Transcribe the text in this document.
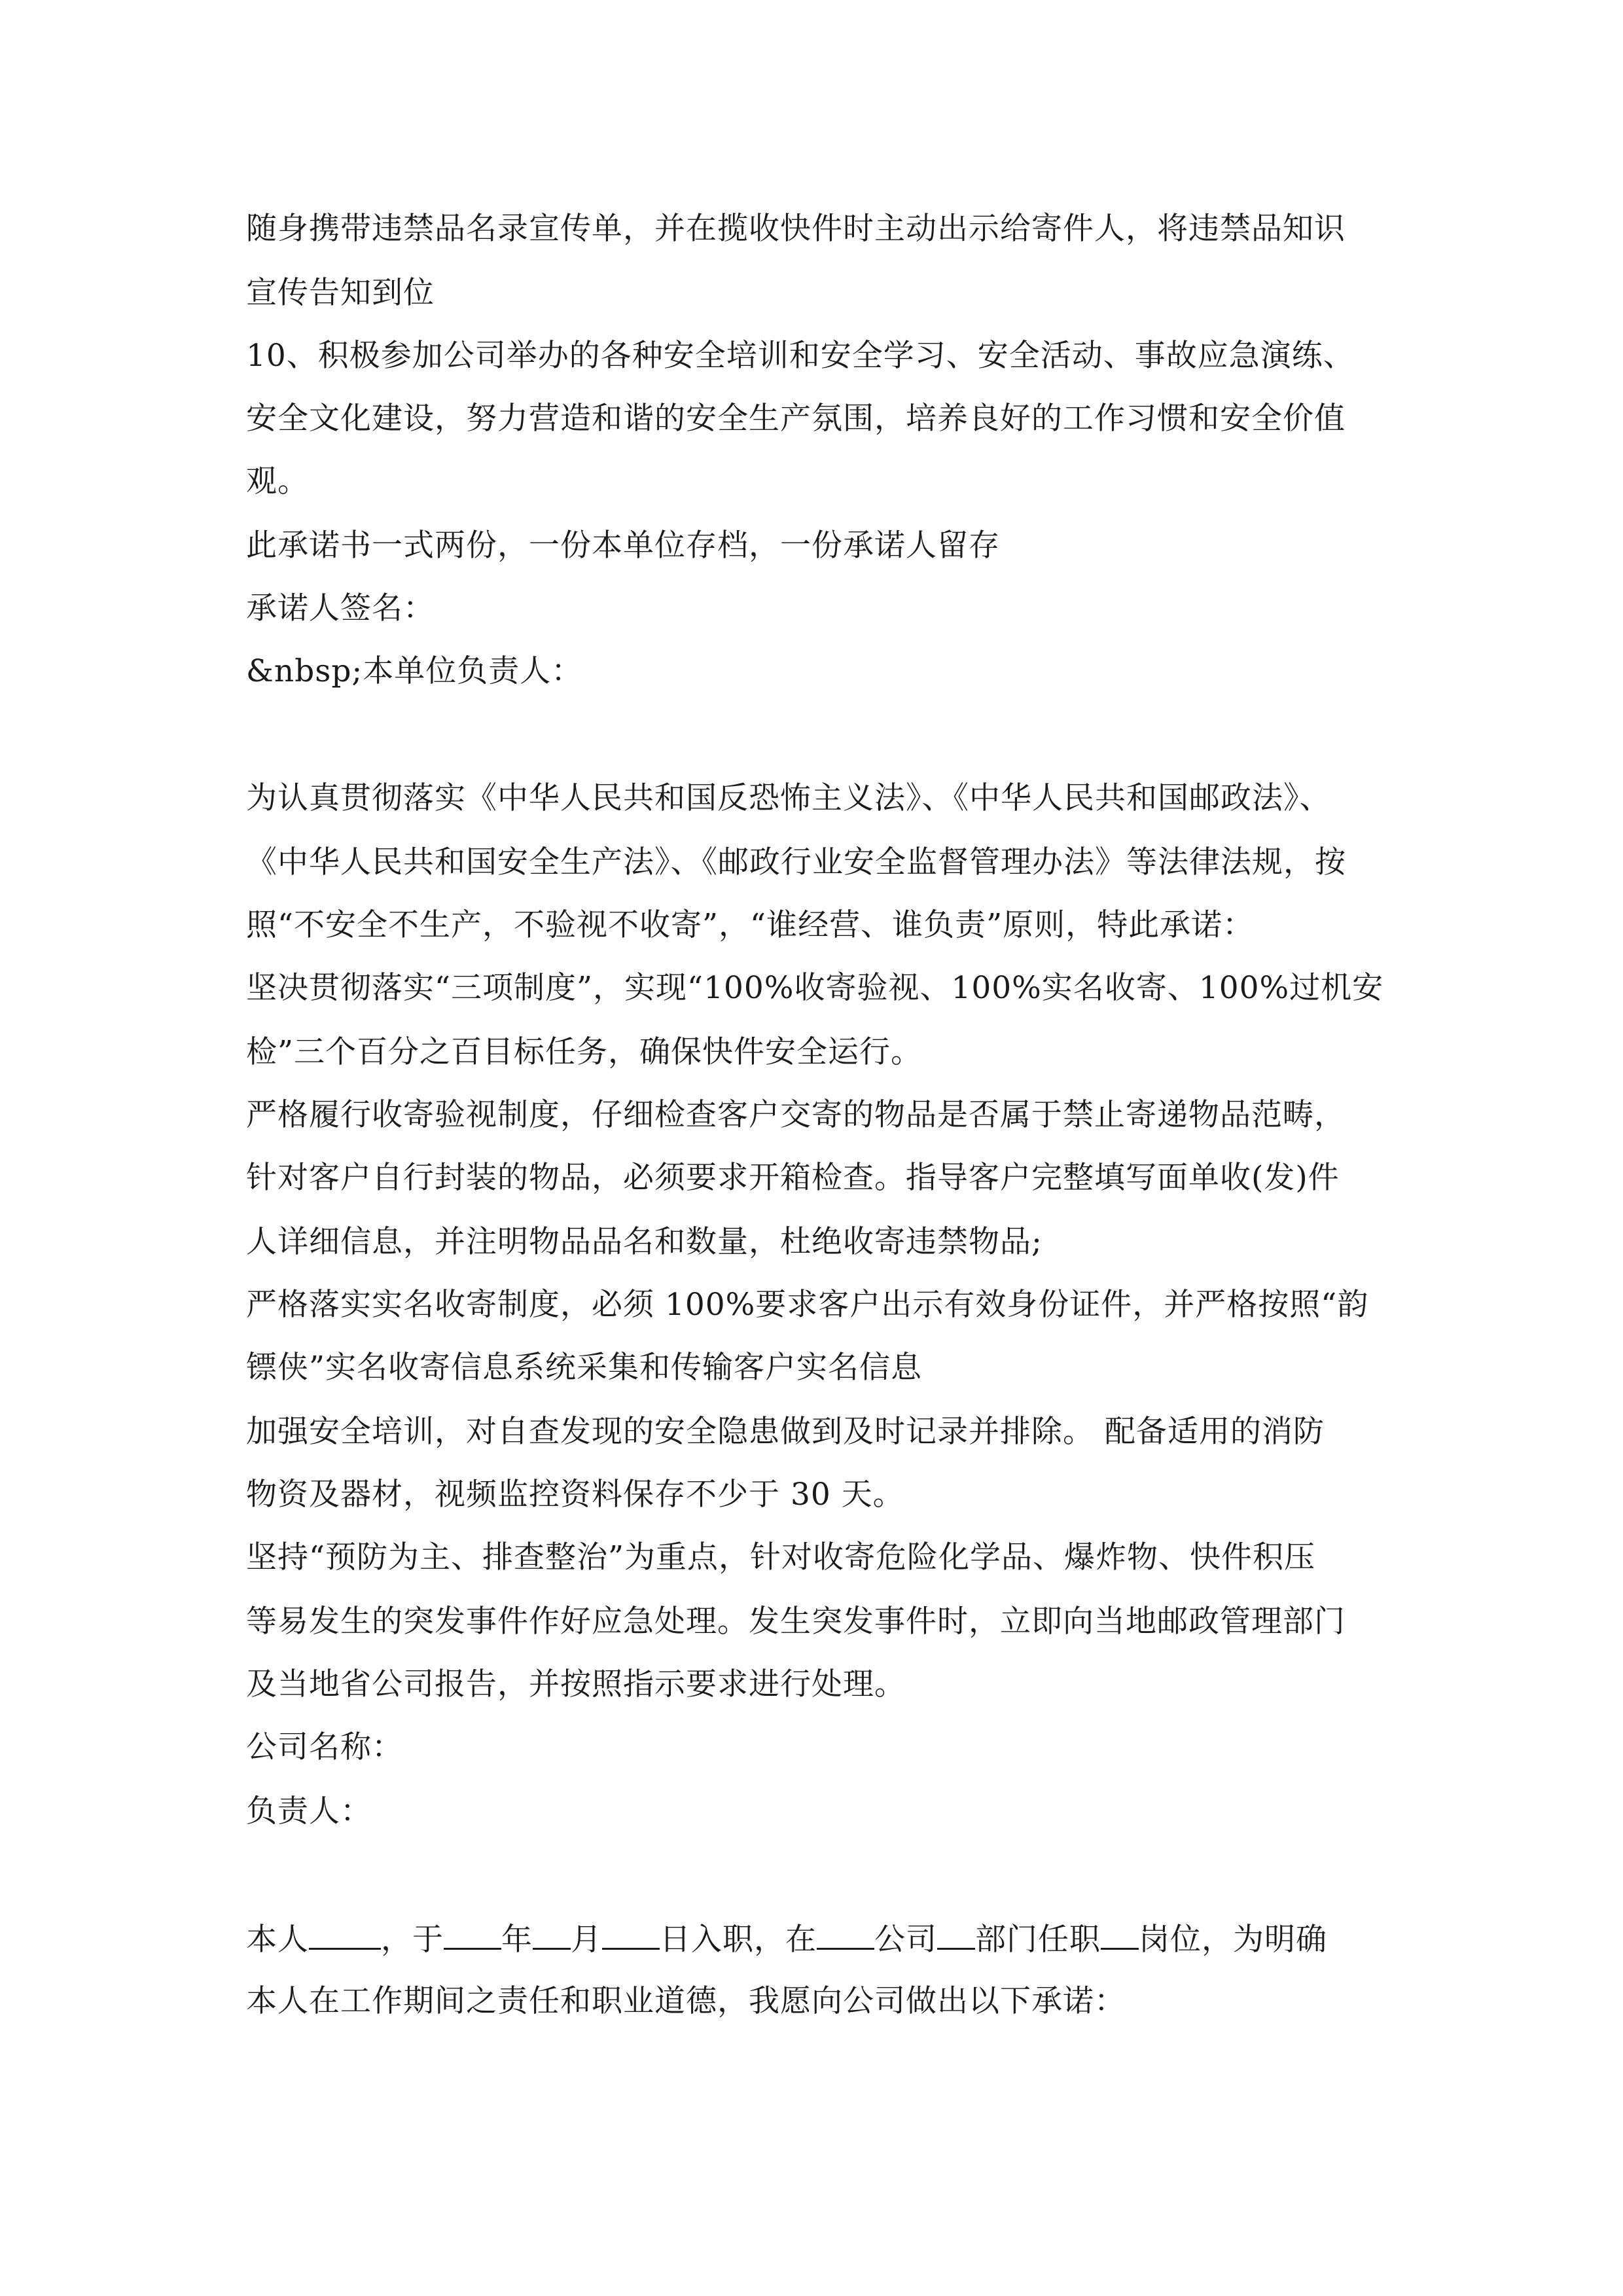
随身携带违禁品名录宣传单，并在揽收快件时主动出示给寄件人，将违禁品知识
宣传告知到位
10、积极参加公司举办的各种安全培训和安全学习、安全活动、事故应急演练、
安全文化建设，努力营造和谐的安全生产氛围，培养良好的工作习惯和安全价值
观。
此承诺书一式两份，一份本单位存档，一份承诺人留存
承诺人签名：
&nbsp;本单位负责人：
为认真贯彻落实《中华人民共和国反恐怖主义法》、《中华人民共和国邮政法》、
《中华人民共和国安全生产法》、《邮政行业安全监督管理办法》等法律法规，按
照“不安全不生产，不验视不收寄”，“谁经营、谁负责”原则，特此承诺：
坚决贯彻落实“三项制度”，实现“100%收寄验视、100%实名收寄、100%过机安
检”三个百分之百目标任务，确保快件安全运行。
严格履行收寄验视制度，仔细检查客户交寄的物品是否属于禁止寄递物品范畴，
针对客户自行封装的物品，必须要求开箱检查。指导客户完整填写面单收(发)件
人详细信息，并注明物品品名和数量，杜绝收寄违禁物品;
严格落实实名收寄制度，必须 100%要求客户出示有效身份证件，并严格按照“韵
镖侠”实名收寄信息系统采集和传输客户实名信息
加强安全培训，对自查发现的安全隐患做到及时记录并排除。 配备适用的消防
物资及器材，视频监控资料保存不少于 30 天。
坚持“预防为主、排查整治”为重点，针对收寄危险化学品、爆炸物、快件积压
等易发生的突发事件作好应急处理。发生突发事件时，立即向当地邮政管理部门
及当地省公司报告，并按照指示要求进行处理。
公司名称：
负责人：
本人 ，于 年 月 日入职，在 公司 部门任职 岗位，为明确
本人在工作期间之责任和职业道德，我愿向公司做出以下承诺：
